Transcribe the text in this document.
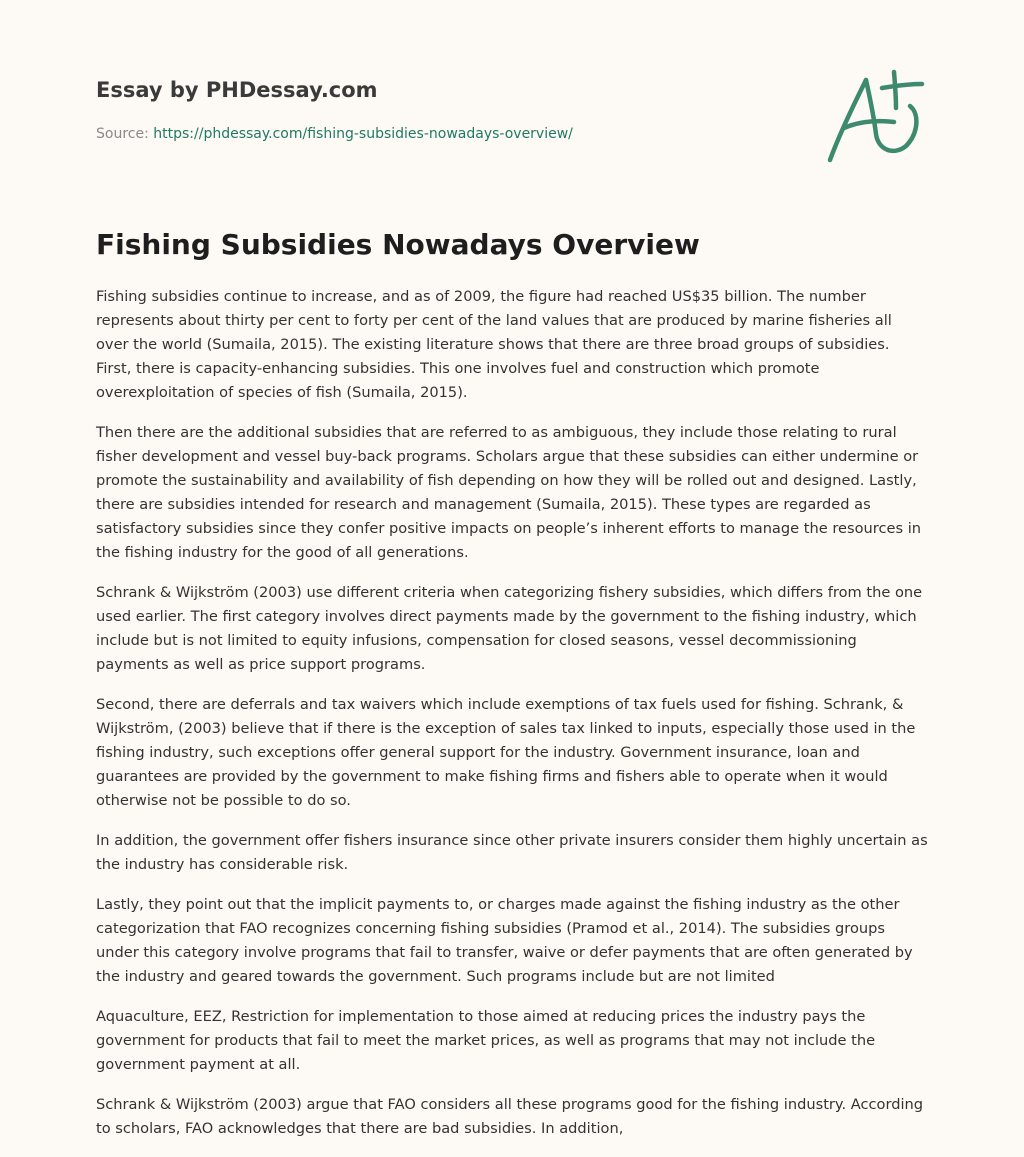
Essay by PHDessay.com
Source: https://phdessay.com/fishing-subsidies-nowadays-overview/
Fishing Subsidies Nowadays Overview

Fishing subsidies continue to increase, and as of 2009, the figure had reached US$35 billion. The number represents about thirty per cent to forty per cent of the land values that are produced by marine fisheries all over the world (Sumaila, 2015). The existing literature shows that there are three broad groups of subsidies. First, there is capacity-enhancing subsidies. This one involves fuel and construction which promote overexploitation of species of fish (Sumaila, 2015).

Then there are the additional subsidies that are referred to as ambiguous, they include those relating to rural fisher development and vessel buy-back programs. Scholars argue that these subsidies can either undermine or promote the sustainability and availability of fish depending on how they will be rolled out and designed. Lastly, there are subsidies intended for research and management (Sumaila, 2015). These types are regarded as satisfactory subsidies since they confer positive impacts on people’s inherent efforts to manage the resources in the fishing industry for the good of all generations.

Schrank & Wijkström (2003) use different criteria when categorizing fishery subsidies, which differs from the one used earlier. The first category involves direct payments made by the government to the fishing industry, which include but is not limited to equity infusions, compensation for closed seasons, vessel decommissioning payments as well as price support programs.

Second, there are deferrals and tax waivers which include exemptions of tax fuels used for fishing. Schrank, & Wijkström, (2003) believe that if there is the exception of sales tax linked to inputs, especially those used in the fishing industry, such exceptions offer general support for the industry. Government insurance, loan and guarantees are provided by the government to make fishing firms and fishers able to operate when it would otherwise not be possible to do so.

In addition, the government offer fishers insurance since other private insurers consider them highly uncertain as the industry has considerable risk.

Lastly, they point out that the implicit payments to, or charges made against the fishing industry as the other categorization that FAO recognizes concerning fishing subsidies (Pramod et al., 2014). The subsidies groups under this category involve programs that fail to transfer, waive or defer payments that are often generated by the industry and geared towards the government. Such programs include but are not limited

Aquaculture, EEZ, Restriction for implementation to those aimed at reducing prices the industry pays the government for products that fail to meet the market prices, as well as programs that may not include the government payment at all.

Schrank & Wijkström (2003) argue that FAO considers all these programs good for the fishing industry. According to scholars, FAO acknowledges that there are bad subsidies. In addition,
